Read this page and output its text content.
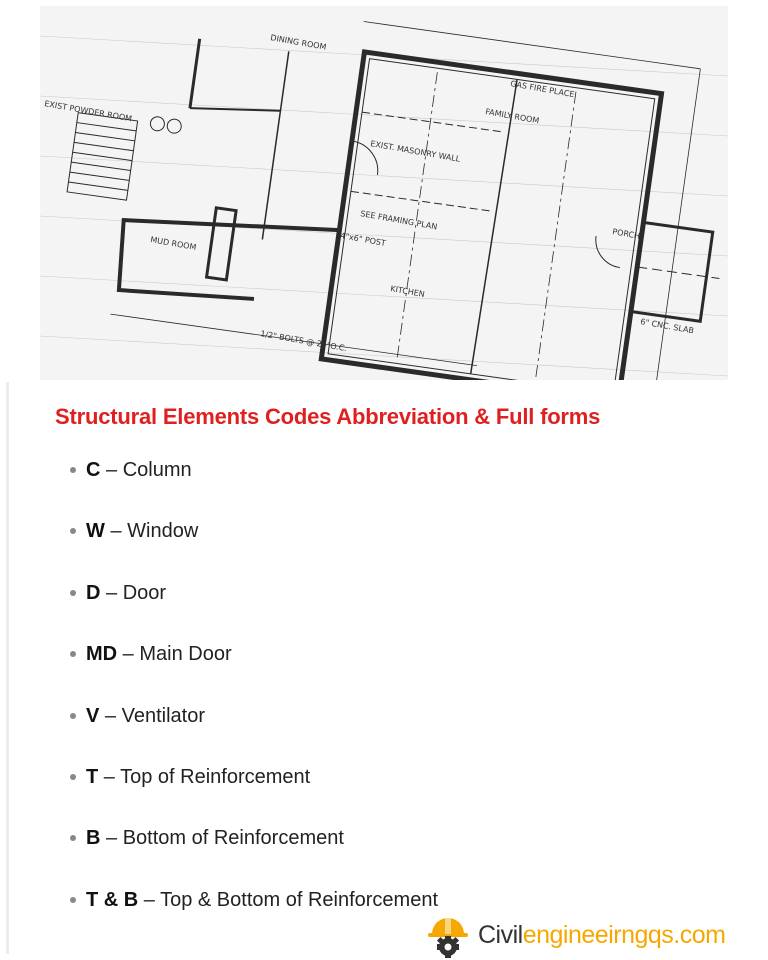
DINING ROOM
FAMILY ROOM
KITCHEN
MUD ROOM
PORCH
EXIST POWDER ROOM
EXIST. MASONRY WALL
4"x6" POST
GAS FIRE PLACE
6" CNC. SLAB
1/2" BOLTS @ 24"O.C.
SEE FRAMING PLAN
Structural Elements Codes Abbreviation & Full forms
C – Column
W – Window
D – Door
MD – Main Door
V – Ventilator
T – Top of Reinforcement
B – Bottom of Reinforcement
T & B – Top & Bottom of Reinforcement
Civilengineeirngqs.com
